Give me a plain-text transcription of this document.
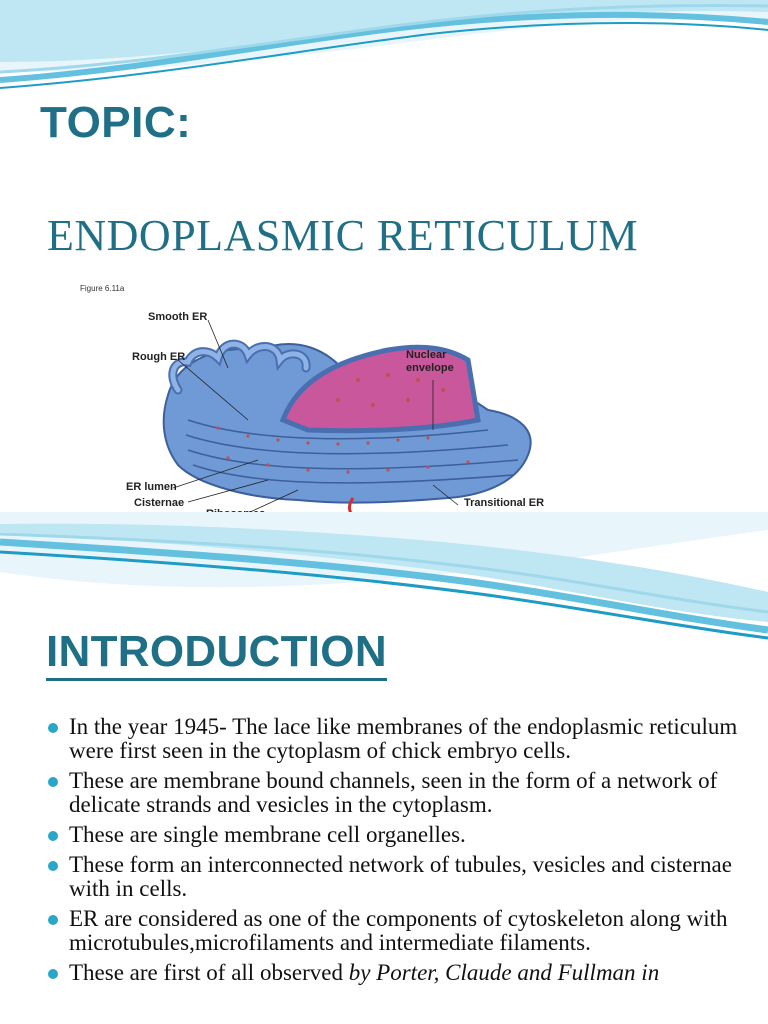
TOPIC:
ENDOPLASMIC RETICULUM
Figure 6.11a
Smooth ER
Rough ER	Nuclear
envelope
ER lumen
Cisternae	Transitional ER
INTRODUCTION
In the year 1945- The lace like membranes of the endoplasmic reticulum were first seen in the cytoplasm of chick embryo cells.
These are membrane bound channels, seen in the form of a network of delicate strands and vesicles in the cytoplasm.
These are single membrane cell organelles.
These form an interconnected network of tubules, vesicles and cisternae with in cells.
ER are considered as one of the components of cytoskeleton along with microtubules,microfilaments and intermediate filaments.
These are first of all observed by Porter, Claude and Fullman in
